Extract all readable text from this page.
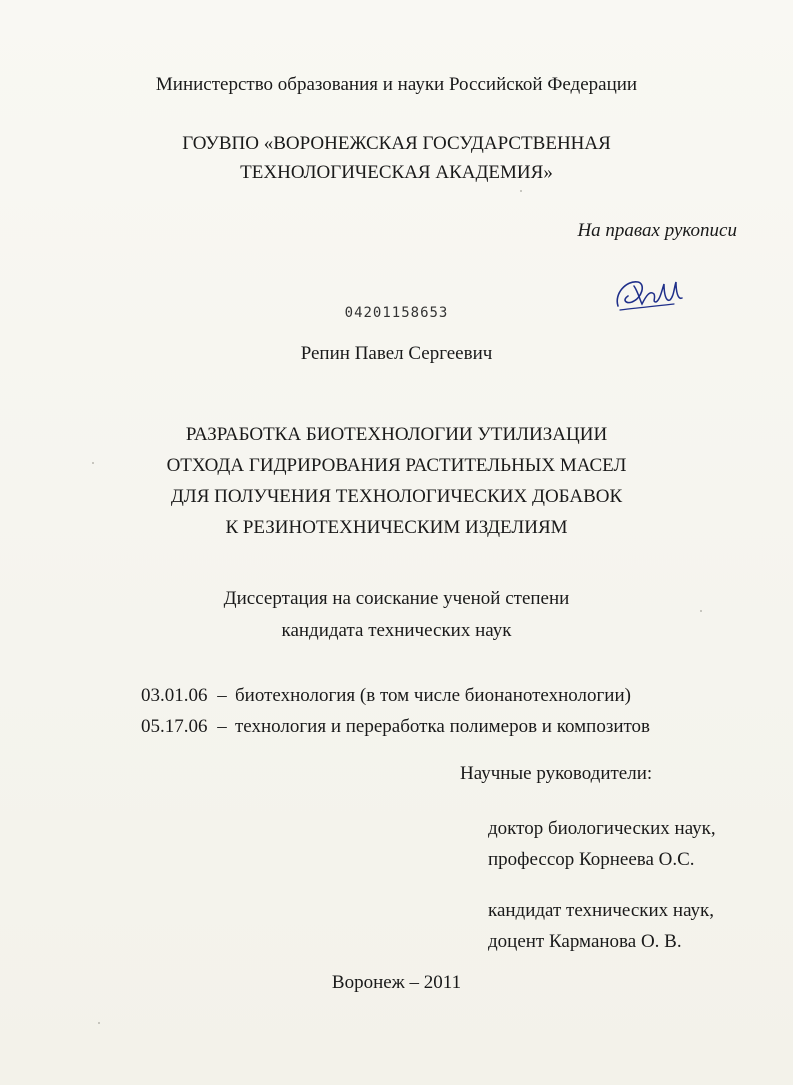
Министерство образования и науки Российской Федерации
ГОУВПО «ВОРОНЕЖСКАЯ ГОСУДАРСТВЕННАЯ
ТЕХНОЛОГИЧЕСКАЯ АКАДЕМИЯ»
На правах рукописи
04201158653
Репин Павел Сергеевич
РАЗРАБОТКА БИОТЕХНОЛОГИИ УТИЛИЗАЦИИ
ОТХОДА ГИДРИРОВАНИЯ РАСТИТЕЛЬНЫХ МАСЕЛ
ДЛЯ ПОЛУЧЕНИЯ ТЕХНОЛОГИЧЕСКИХ ДОБАВОК
К РЕЗИНОТЕХНИЧЕСКИМ ИЗДЕЛИЯМ
Диссертация на соискание ученой степени
кандидата технических наук
03.01.06 – биотехнология (в том числе бионанотехнологии)
05.17.06 – технология и переработка полимеров и композитов
Научные руководители:
доктор биологических наук,
профессор Корнеева О.С.
кандидат технических наук,
доцент Карманова О. В.
Воронеж – 2011
